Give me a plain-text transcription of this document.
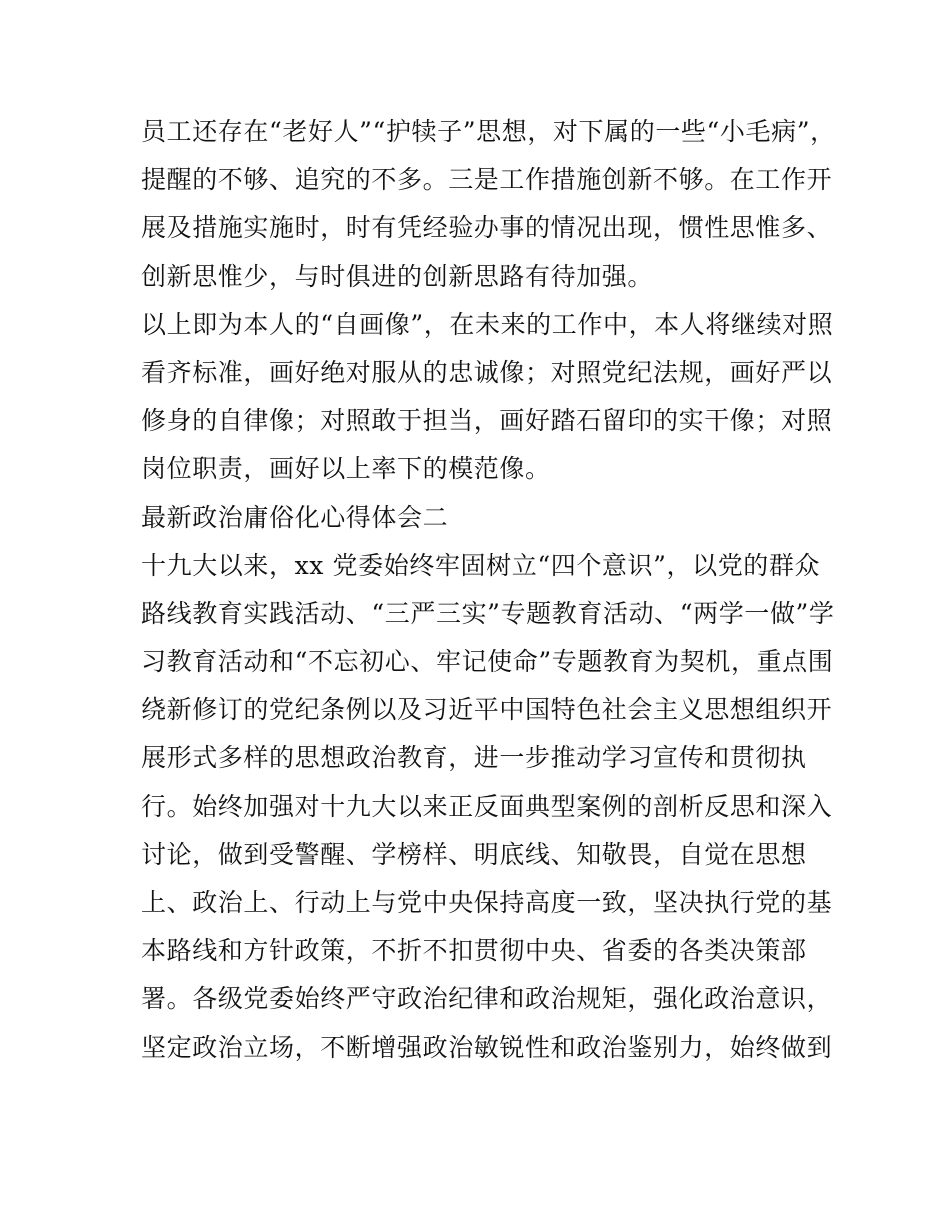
员工还存在“老好人”“护犊子”思想，对下属的一些“小毛病”，
提醒的不够、追究的不多。三是工作措施创新不够。在工作开
展及措施实施时，时有凭经验办事的情况出现，惯性思惟多、
创新思惟少，与时俱进的创新思路有待加强。
以上即为本人的“自画像”，在未来的工作中，本人将继续对照
看齐标准，画好绝对服从的忠诚像；对照党纪法规，画好严以
修身的自律像；对照敢于担当，画好踏石留印的实干像；对照
岗位职责，画好以上率下的模范像。
最新政治庸俗化心得体会二
十九大以来，xx 党委始终牢固树立“四个意识”，以党的群众
路线教育实践活动、“三严三实”专题教育活动、“两学一做”学
习教育活动和“不忘初心、牢记使命”专题教育为契机，重点围
绕新修订的党纪条例以及习近平中国特色社会主义思想组织开
展形式多样的思想政治教育，进一步推动学习宣传和贯彻执
行。始终加强对十九大以来正反面典型案例的剖析反思和深入
讨论，做到受警醒、学榜样、明底线、知敬畏，自觉在思想
上、政治上、行动上与党中央保持高度一致，坚决执行党的基
本路线和方针政策，不折不扣贯彻中央、省委的各类决策部
署。各级党委始终严守政治纪律和政治规矩，强化政治意识，
坚定政治立场，不断增强政治敏锐性和政治鉴别力，始终做到
